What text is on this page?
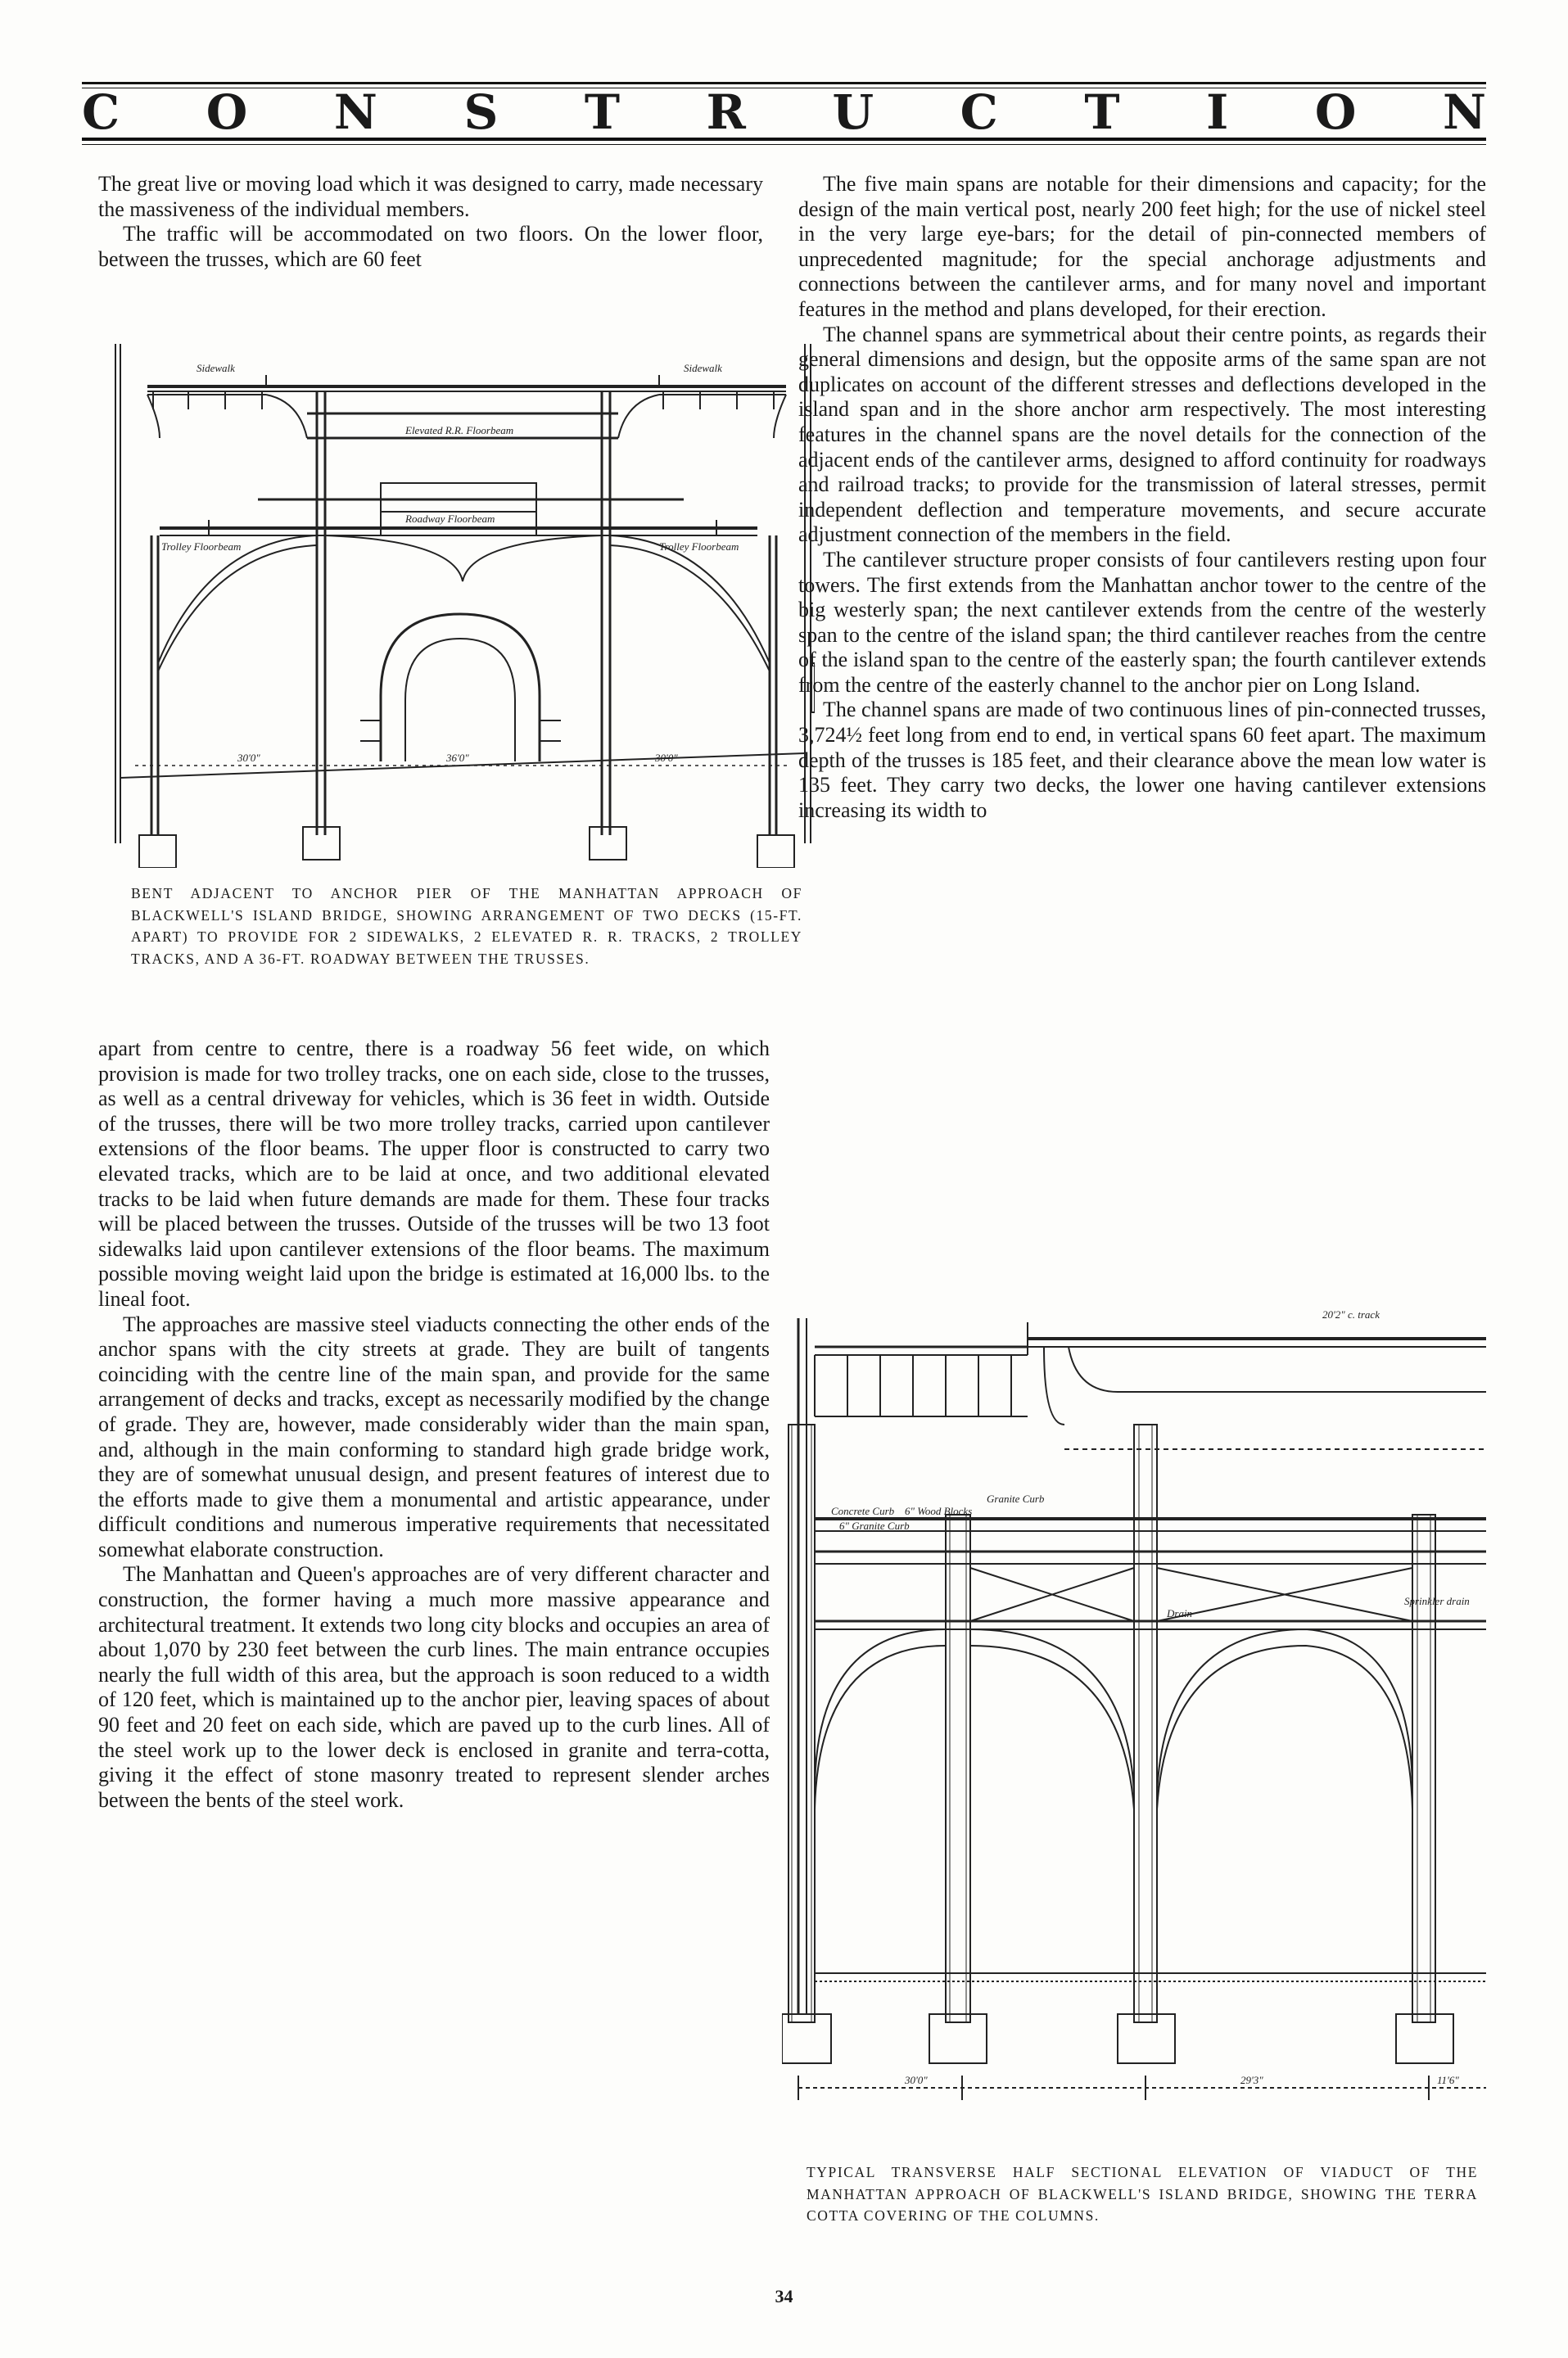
C O N S T R U C T I O N

The great live or moving load which it was designed to carry, made necessary the massiveness of the individual members.

The traffic will be accommodated on two floors. On the lower floor, between the trusses, which are 60 feet

Sidewalk	Sidewalk
Elevated R.R. Floorbeam
Roadway Floorbeam
Trolley Floorbeam	Trolley Floorbeam
30'0"	36'0"	30'0"
BENT ADJACENT TO ANCHOR PIER OF THE MANHATTAN APPROACH OF BLACKWELL'S ISLAND BRIDGE, SHOWING ARRANGEMENT OF TWO DECKS (15-FT. APART) TO PROVIDE FOR 2 SIDEWALKS, 2 ELEVATED R. R. TRACKS, 2 TROLLEY TRACKS, AND A 36-FT. ROADWAY BETWEEN THE TRUSSES.

apart from centre to centre, there is a roadway 56 feet wide, on which provision is made for two trolley tracks, one on each side, close to the trusses, as well as a central driveway for vehicles, which is 36 feet in width. Outside of the trusses, there will be two more trolley tracks, carried upon cantilever extensions of the floor beams. The upper floor is constructed to carry two elevated tracks, which are to be laid at once, and two additional elevated tracks to be laid when future demands are made for them. These four tracks will be placed between the trusses. Outside of the trusses will be two 13 foot sidewalks laid upon cantilever extensions of the floor beams. The maximum possible moving weight laid upon the bridge is estimated at 16,000 lbs. to the lineal foot.

The approaches are massive steel viaducts connecting the other ends of the anchor spans with the city streets at grade. They are built of tangents coinciding with the centre line of the main span, and provide for the same arrangement of decks and tracks, except as necessarily modified by the change of grade. They are, however, made considerably wider than the main span, and, although in the main conforming to standard high grade bridge work, they are of somewhat unusual design, and present features of interest due to the efforts made to give them a monumental and artistic appearance, under difficult conditions and numerous imperative requirements that necessitated somewhat elaborate construction.

The Manhattan and Queen's approaches are of very different character and construction, the former having a much more massive appearance and architectural treatment. It extends two long city blocks and occupies an area of about 1,070 by 230 feet between the curb lines. The main entrance occupies nearly the full width of this area, but the approach is soon reduced to a width of 120 feet, which is maintained up to the anchor pier, leaving spaces of about 90 feet and 20 feet on each side, which are paved up to the curb lines. All of the steel work up to the lower deck is enclosed in granite and terra-cotta, giving it the effect of stone masonry treated to represent slender arches between the bents of the steel work.

The five main spans are notable for their dimensions and capacity; for the design of the main vertical post, nearly 200 feet high; for the use of nickel steel in the very large eye-bars; for the detail of pin-connected members of unprecedented magnitude; for the special anchorage adjustments and connections between the cantilever arms, and for many novel and important features in the method and plans developed, for their erection.

The channel spans are symmetrical about their centre points, as regards their general dimensions and design, but the opposite arms of the same span are not duplicates on account of the different stresses and deflections developed in the island span and in the shore anchor arm respectively. The most interesting features in the channel spans are the novel details for the connection of the adjacent ends of the cantilever arms, designed to afford continuity for roadways and railroad tracks; to provide for the transmission of lateral stresses, permit independent deflection and temperature movements, and secure accurate adjustment connection of the members in the field.

The cantilever structure proper consists of four cantilevers resting upon four towers. The first extends from the Manhattan anchor tower to the centre of the big westerly span; the next cantilever extends from the centre of the westerly span to the centre of the island span; the third cantilever reaches from the centre of the island span to the centre of the easterly span; the fourth cantilever extends from the centre of the easterly channel to the anchor pier on Long Island.

The channel spans are made of two continuous lines of pin-connected trusses, 3,724½ feet long from end to end, in vertical spans 60 feet apart. The maximum depth of the trusses is 185 feet, and their clearance above the mean low water is 135 feet. They carry two decks, the lower one having cantilever extensions increasing its width to

20'2" c. track
Granite Curb
Concrete Curb 6" Wood Blocks
6" Granite Curb
Drain
Sprinkler drain
30'0"	29'3"	11'6"
TYPICAL TRANSVERSE HALF SECTIONAL ELEVATION OF VIADUCT OF THE MANHATTAN APPROACH OF BLACKWELL'S ISLAND BRIDGE, SHOWING THE TERRA COTTA COVERING OF THE COLUMNS.
34
